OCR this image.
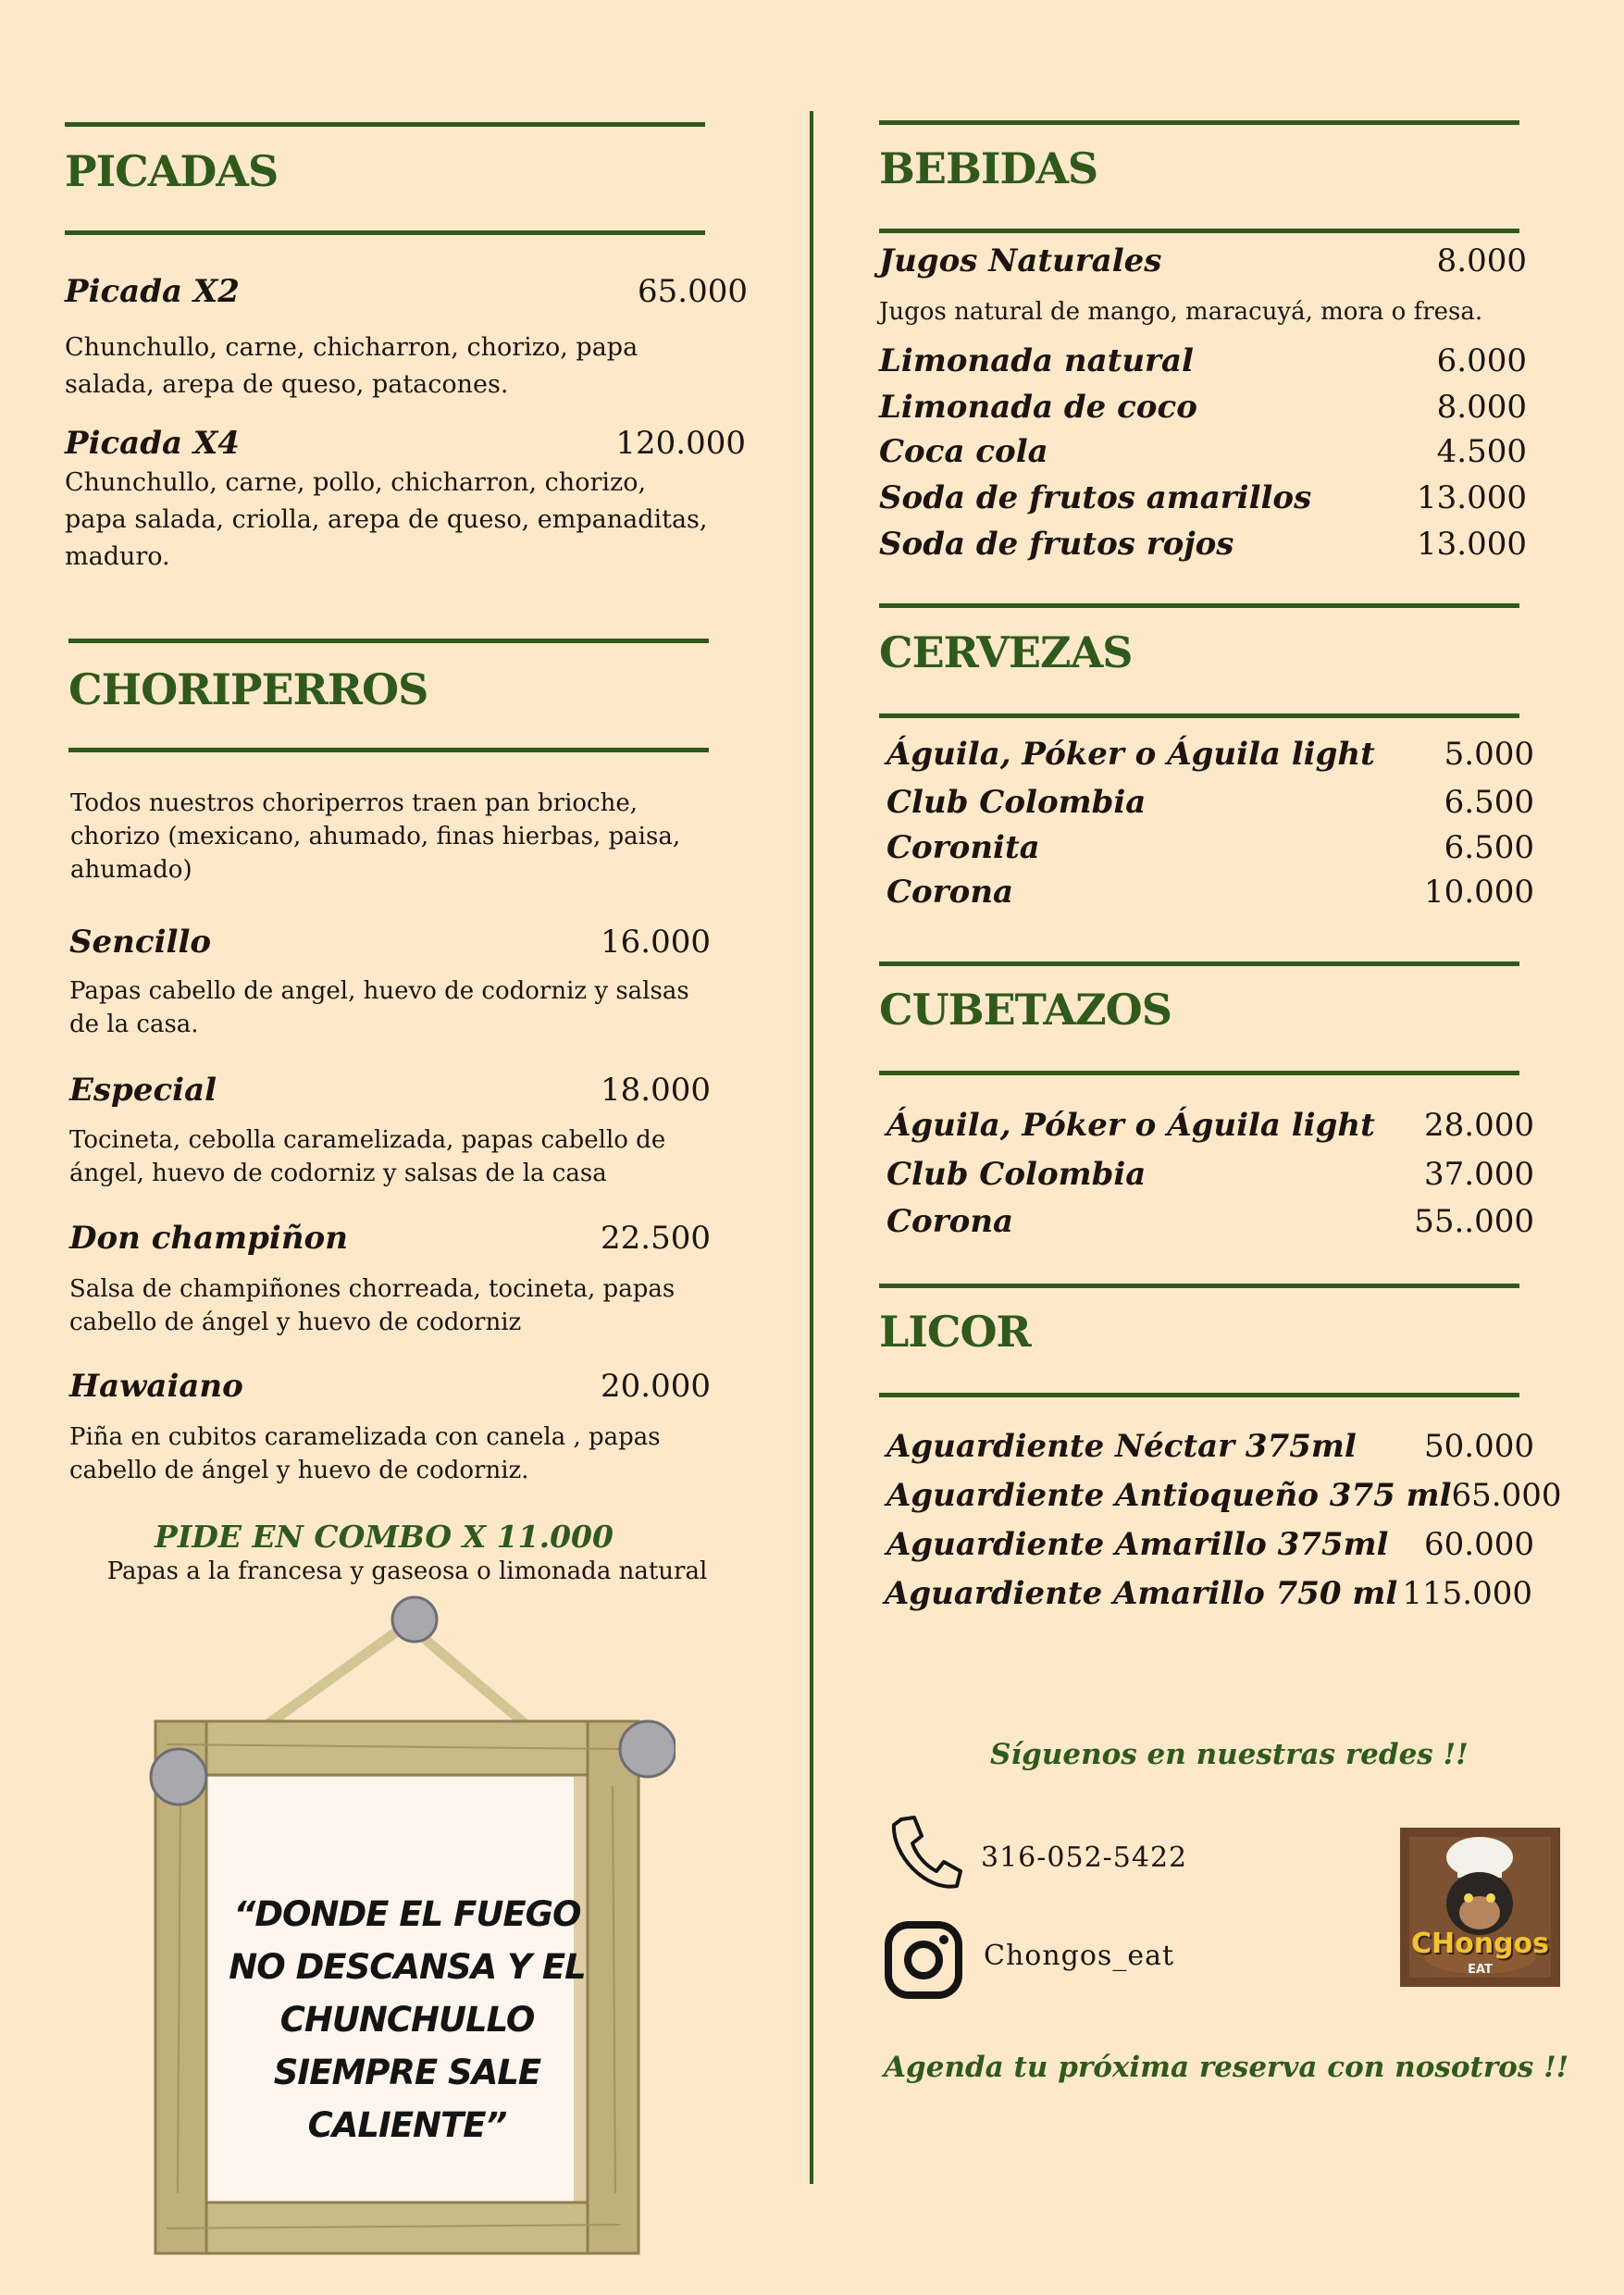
PICADAS
Picada X2	65.000

Chunchullo, carne, chicharron, chorizo, papa salada, arepa de queso, patacones.

Picada X4	120.000

Chunchullo, carne, pollo, chicharron, chorizo, papa salada, criolla, arepa de queso, empanaditas, maduro.

CHORIPERROS

Todos nuestros choriperros traen pan brioche, chorizo (mexicano, ahumado, finas hierbas, paisa, ahumado)

Sencillo	16.000

Papas cabello de angel, huevo de codorniz y salsas de la casa.

Especial	18.000

Tocineta, cebolla caramelizada, papas cabello de ángel, huevo de codorniz y salsas de la casa

Don champiñon	22.500

Salsa de champiñones chorreada, tocineta, papas cabello de ángel y huevo de codorniz

Hawaiano	20.000

Piña en cubitos caramelizada con canela , papas cabello de ángel y huevo de codorniz.

PIDE EN COMBO X 11.000
Papas a la francesa y gaseosa o limonada natural
“DONDE EL FUEGO NO DESCANSA Y EL CHUNCHULLO SIEMPRE SALE CALIENTE”
BEBIDAS
Jugos Naturales	8.000
Jugos natural de mango, maracuyá, mora o fresa.
Limonada natural	6.000
Limonada de coco	8.000
Coca cola	4.500
Soda de frutos amarillos	13.000
Soda de frutos rojos	13.000
CERVEZAS
Águila, Póker o Águila light 5.000
Club Colombia	6.500
Coronita	6.500
Corona	10.000
CUBETAZOS
Águila, Póker o Águila light 28.000
Club Colombia	37.000
Corona	55..000
LICOR
Aguardiente Néctar 375ml 50.000
Aguardiente Antioqueño 375 ml 65.000
Aguardiente Amarillo 375ml 60.000
Aguardiente Amarillo 750 ml 115.000
Síguenos en nuestras redes !!
316-052-5422
Chongos_eat	CHongos
EAT
Agenda tu próxima reserva con nosotros !!
